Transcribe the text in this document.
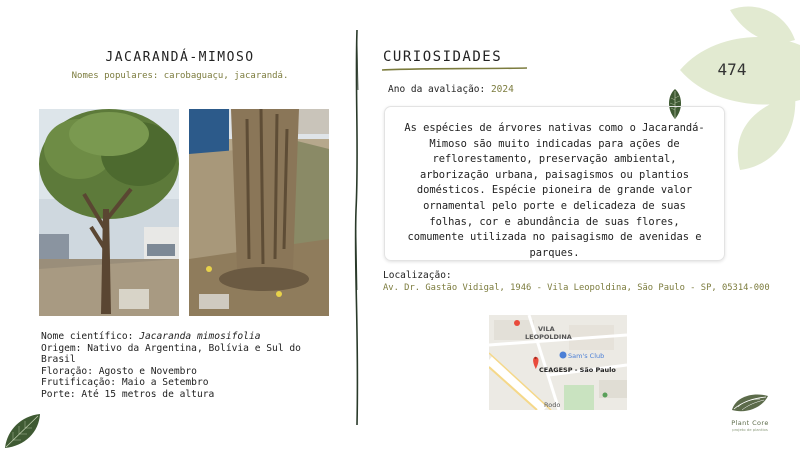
474
JACARANDÁ-MIMOSO
Nomes populares: carobaguaçu, jacarandá.
Nome científico: Jacaranda mimosifolia
Origem: Nativo da Argentina, Bolívia e Sul do Brasil
Floração: Agosto e Novembro
Frutificação: Maio a Setembro
Porte: Até 15 metros de altura
CURIOSIDADES
Ano da avaliação: 2024
As espécies de árvores nativas como o Jacarandá-Mimoso são muito indicadas para ações de reflorestamento, preservação ambiental, arborização urbana, paisagismos ou plantios domésticos. Espécie pioneira de grande valor ornamental pelo porte e delicadeza de suas folhas, cor e abundância de suas flores, comumente utilizada no paisagismo de avenidas e parques.
Localização:
Av. Dr. Gastão Vidigal, 1946 - Vila Leopoldina, São Paulo - SP, 05314-000
VILA
LEOPOLDINA
Sam's Club
CEAGESP - São Paulo
Rodo
Plant Core
projeto de plantios
